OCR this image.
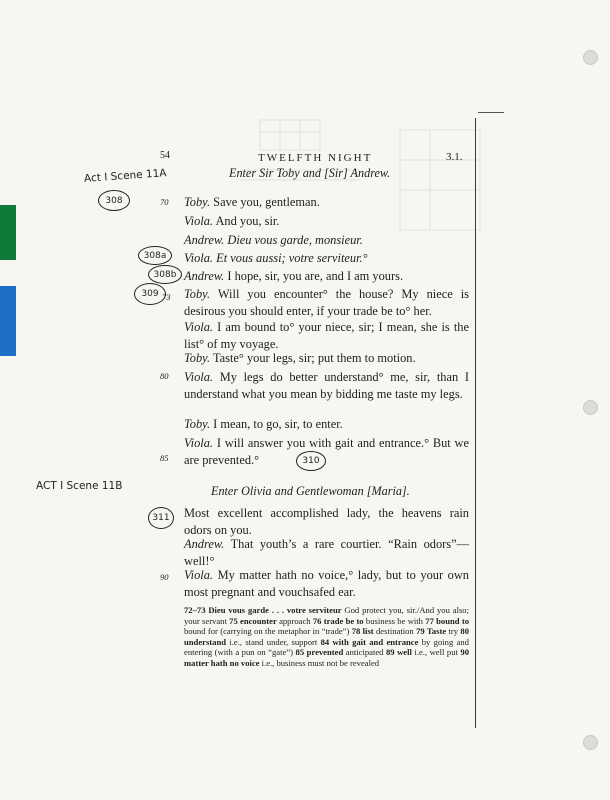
54	TWELFTH NIGHT	3.1.
Act I Scene 11A
ACT I Scene 11B
308
308a
308b
309
310
311
Enter Sir Toby and [Sir] Andrew.
70
73
80
85
90
Toby. Save you, gentleman.
Viola. And you, sir.
Andrew. Dieu vous garde, monsieur.
Viola. Et vous aussi; votre serviteur.°
Andrew. I hope, sir, you are, and I am yours.
Toby. Will you encounter° the house? My niece is desirous you should enter, if your trade be to° her.
Viola. I am bound to° your niece, sir; I mean, she is the list° of my voyage.
Toby. Taste° your legs, sir; put them to motion.
Viola. My legs do better understand° me, sir, than I understand what you mean by bidding me taste my legs.
Toby. I mean, to go, sir, to enter.
Viola. I will answer you with gait and entrance.° But we are prevented.°
Enter Olivia and Gentlewoman [Maria].
Most excellent accomplished lady, the heavens rain odors on you.
Andrew. That youth’s a rare courtier. “Rain odors”—well!°
Viola. My matter hath no voice,° lady, but to your own most pregnant and vouchsafed ear.
72–73 Dieu vous garde . . . votre serviteur God protect you, sir./And you also; your servant 75 encounter approach 76 trade be to business be with 77 bound to bound for (carrying on the metaphor in “trade”) 78 list destination 79 Taste try 80 understand i.e., stand under, support 84 with gait and entrance by going and entering (with a pun on “gate”) 85 prevented anticipated 89 well i.e., well put 90 matter hath no voice i.e., business must not be revealed
